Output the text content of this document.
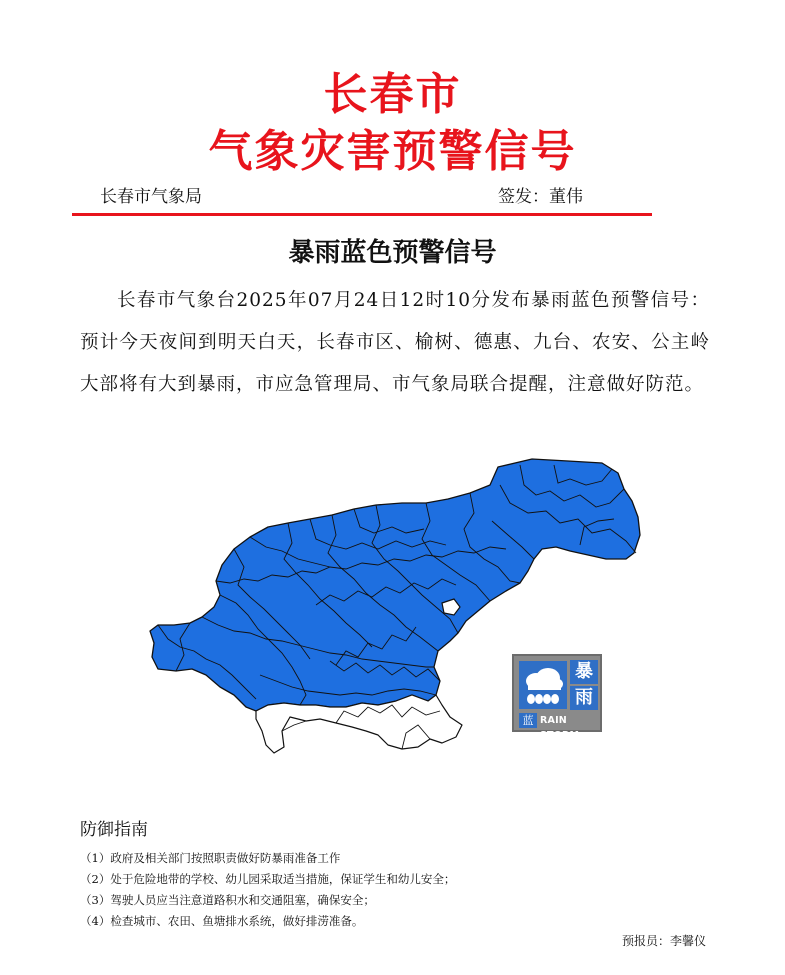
长春市
气象灾害预警信号
长春市气象局	签发：董伟
暴雨蓝色预警信号
长春市气象台2025年07月24日12时10分发布暴雨蓝色预警信号：预计今天夜间到明天白天，长春市区、榆树、德惠、九台、农安、公主岭大部将有大到暴雨，市应急管理局、市气象局联合提醒，注意做好防范。
暴
雨
蓝 RAIN STORM
防御指南
（1）政府及相关部门按照职责做好防暴雨准备工作
（2）处于危险地带的学校、幼儿园采取适当措施，保证学生和幼儿安全；
（3）驾驶人员应当注意道路积水和交通阻塞，确保安全；
（4）检查城市、农田、鱼塘排水系统，做好排涝准备。
预报员：李馨仪
